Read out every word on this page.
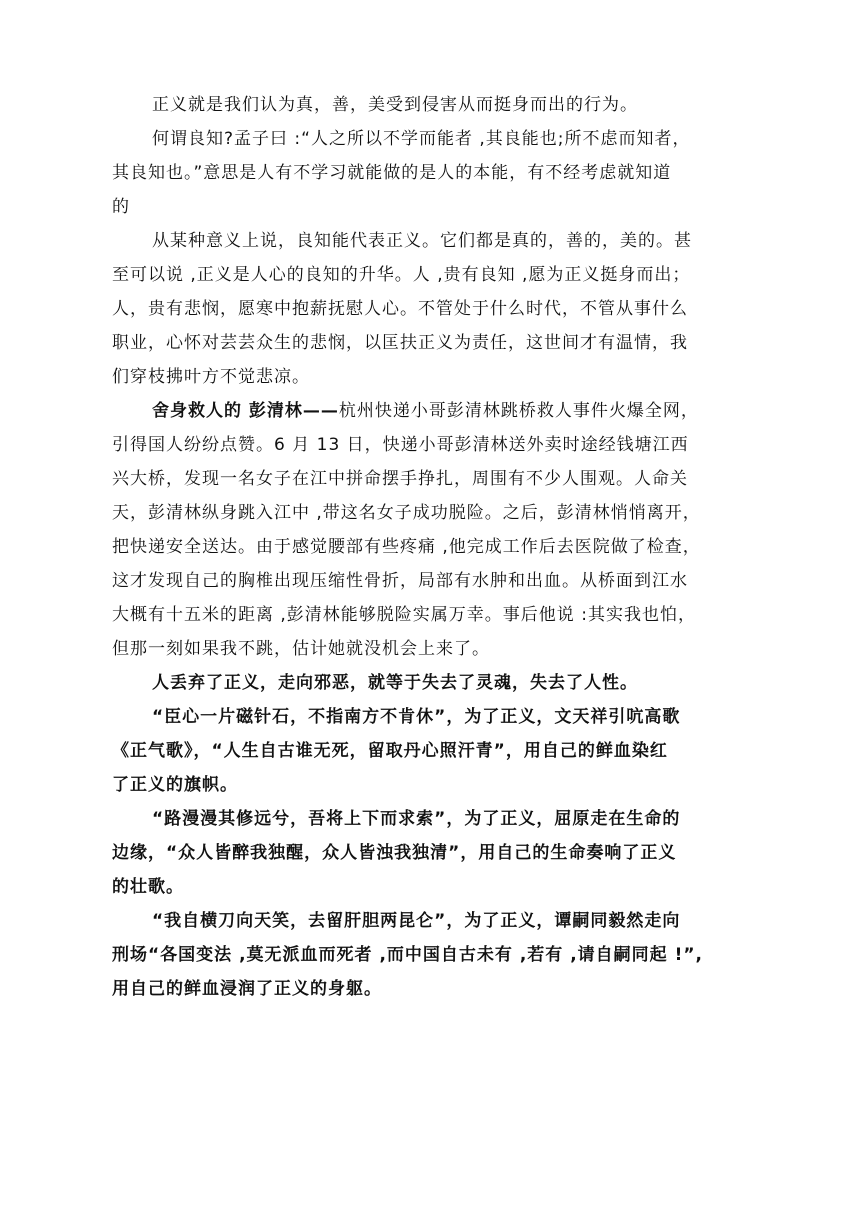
正义就是我们认为真，善，美受到侵害从而挺身而出的行为。
何谓良知?孟子曰 :“人之所以不学而能者 ,其良能也;所不虑而知者，
其良知也。”意思是人有不学习就能做的是人的本能，有不经考虑就知道
的
从某种意义上说，良知能代表正义。它们都是真的，善的，美的。甚
至可以说 ,正义是人心的良知的升华。人 ,贵有良知 ,愿为正义挺身而出；
人，贵有悲悯，愿寒中抱薪抚慰人心。不管处于什么时代，不管从事什么
职业，心怀对芸芸众生的悲悯，以匡扶正义为责任，这世间才有温情，我
们穿枝拂叶方不觉悲凉。
舍身救人的 彭清林——杭州快递小哥彭清林跳桥救人事件火爆全网，
引得国人纷纷点赞。6 月 13 日，快递小哥彭清林送外卖时途经钱塘江西
兴大桥，发现一名女子在江中拼命摆手挣扎，周围有不少人围观。人命关
天，彭清林纵身跳入江中 ,带这名女子成功脱险。之后，彭清林悄悄离开，
把快递安全送达。由于感觉腰部有些疼痛 ,他完成工作后去医院做了检查，
这才发现自己的胸椎出现压缩性骨折，局部有水肿和出血。从桥面到江水
大概有十五米的距离 ,彭清林能够脱险实属万幸。事后他说 :其实我也怕，
但那一刻如果我不跳，估计她就没机会上来了。
人丢弃了正义，走向邪恶，就等于失去了灵魂，失去了人性。
“臣心一片磁针石，不指南方不肯休”，为了正义，文天祥引吭高歌
《正气歌》，“人生自古谁无死，留取丹心照汗青”，用自己的鲜血染红
了正义的旗帜。
“路漫漫其修远兮，吾将上下而求索”，为了正义，屈原走在生命的
边缘，“众人皆醉我独醒，众人皆浊我独清”，用自己的生命奏响了正义
的壮歌。
“我自横刀向天笑，去留肝胆两昆仑”，为了正义，谭嗣同毅然走向
刑场“各国变法 ,莫无派血而死者 ,而中国自古未有 ,若有 ,请自嗣同起 !”,
用自己的鲜血浸润了正义的身躯。
